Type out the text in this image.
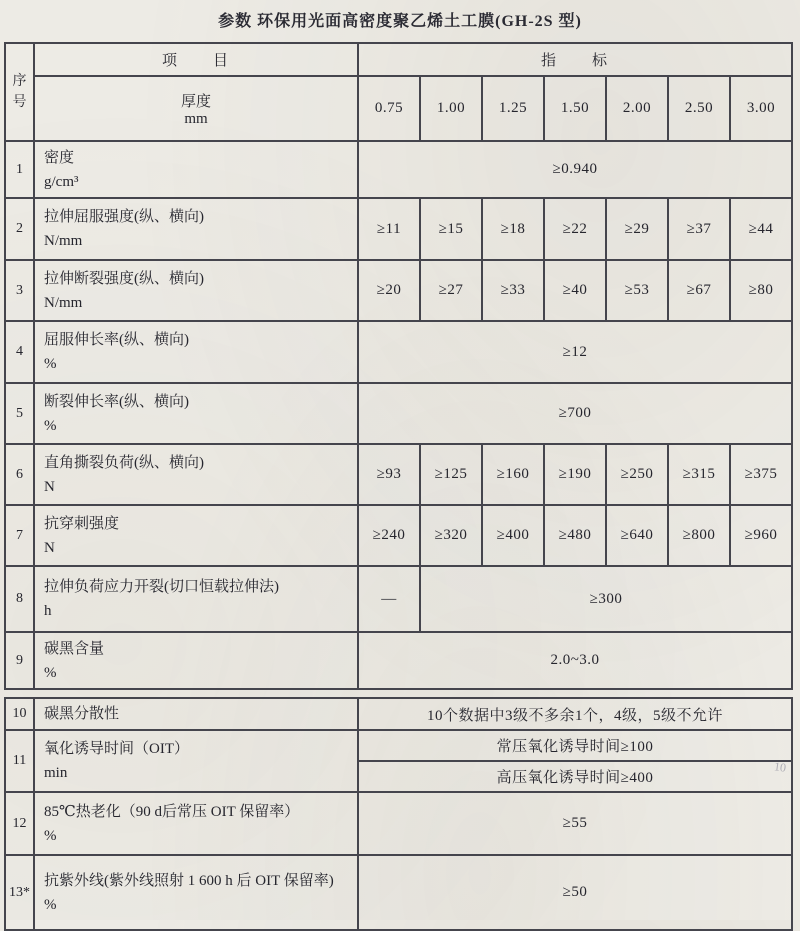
参数 环保用光面高密度聚乙烯土工膜(GH-2S 型)
序
号	项　　目	指　　标						

	厚度
mm	0.75	1.00	1.25	1.50	2.00	2.50	3.00
1	密度
g/cm³	≥0.940						
2	拉伸屈服强度(纵、横向)
N/mm	≥11	≥15	≥18	≥22	≥29	≥37	≥44
3	拉伸断裂强度(纵、横向)
N/mm	≥20	≥27	≥33	≥40	≥53	≥67	≥80
4	屈服伸长率(纵、横向)
%	≥12						
5	断裂伸长率(纵、横向)
%	≥700						
6	直角撕裂负荷(纵、横向)
N	≥93	≥125	≥160	≥190	≥250	≥315	≥375
7	抗穿刺强度
N	≥240	≥320	≥400	≥480	≥640	≥800	≥960
8	拉伸负荷应力开裂(切口恒载拉伸法)
h	—	≥300					
9	碳黑含量
%	2.0~3.0						
10	碳黑分散性	10个数据中3级不多余1个，4级，5级不允许
11	氧化诱导时间（OIT）
min	常压氧化诱导时间≥100
		高压氧化诱导时间≥400
12	85℃热老化（90 d后常压 OIT 保留率）
%	≥55
13*	抗紫外线(紫外线照射 1 600 h 后 OIT 保留率)
%	≥50
10
